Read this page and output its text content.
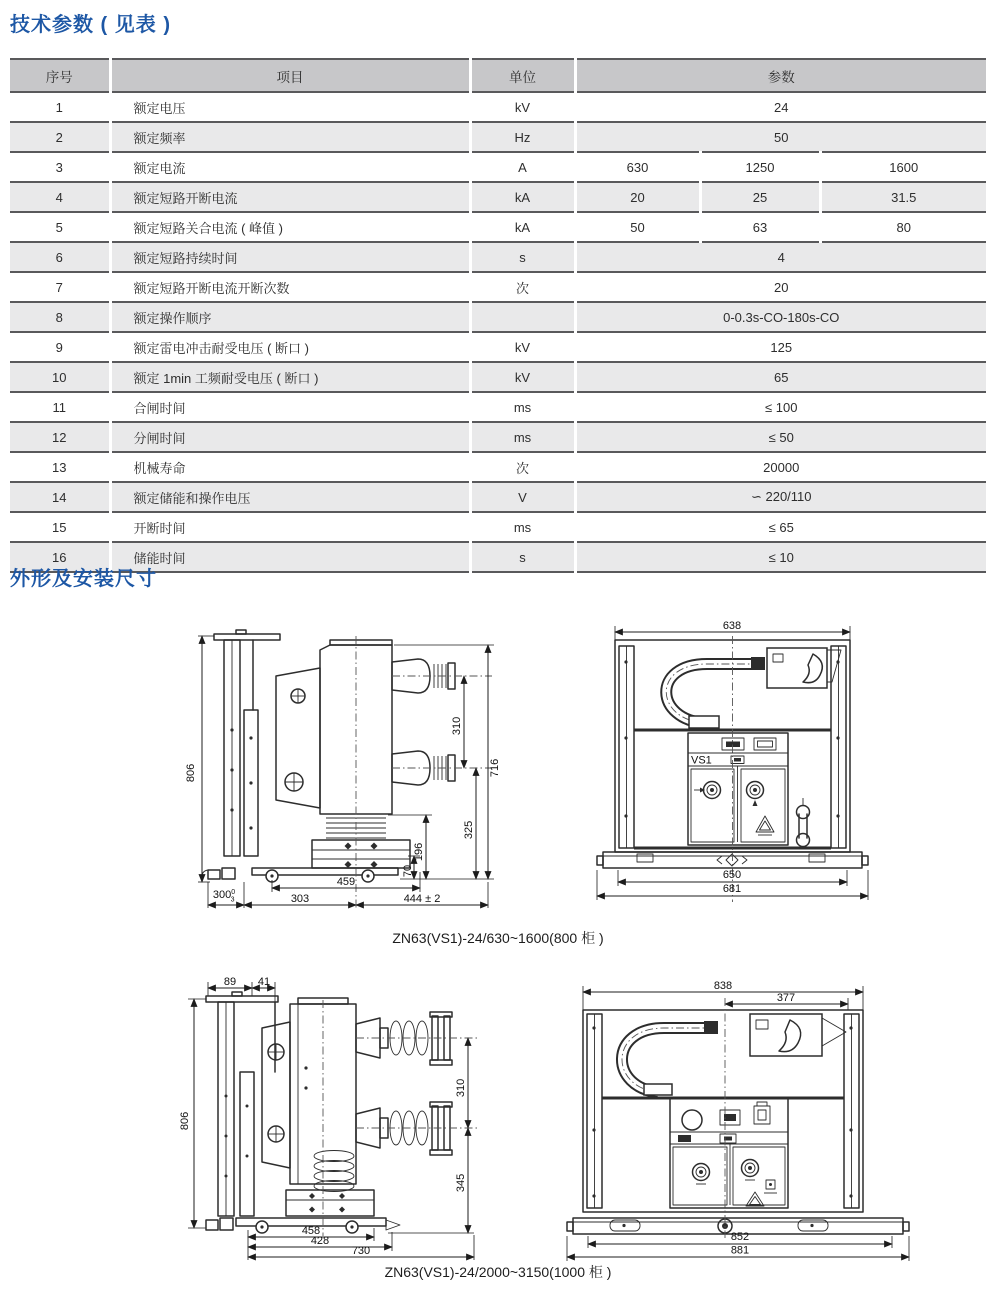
技术参数 ( 见表 )
序号	项目	单位	参数		
1	额定电压	kV	24		
2	额定频率	Hz	50		
3	额定电流	A	630	1250	1600
4	额定短路开断电流	kA	20	25	31.5
5	额定短路关合电流 ( 峰值 )	kA	50	63	80
6	额定短路持续时间	s	4		
7	额定短路开断电流开断次数	次	20		
8	额定操作顺序		0-0.3s-CO-180s-CO		
9	额定雷电冲击耐受电压 ( 断口 )	kV	125		
10	额定 1min 工频耐受电压 ( 断口 )	kV	65		
11	合闸时间	ms	≤ 100		
12	分闸时间	ms	≤ 50		
13	机械寿命	次	20000		
14	额定储能和操作电压	V	∽ 220/110		
15	开断时间	ms	≤ 65		
16	储能时间	s	≤ 10		
外形及安装尺寸
806	716
310
325
196
70
459
$300^0$ 3	303	444 ± 2
638
VS1
650
681
ZN63(VS1)-24/630~1600(800 柜 )
89 41
806
310
345
458
428
730
838
377
852
881
ZN63(VS1)-24/2000~3150(1000 柜 )
